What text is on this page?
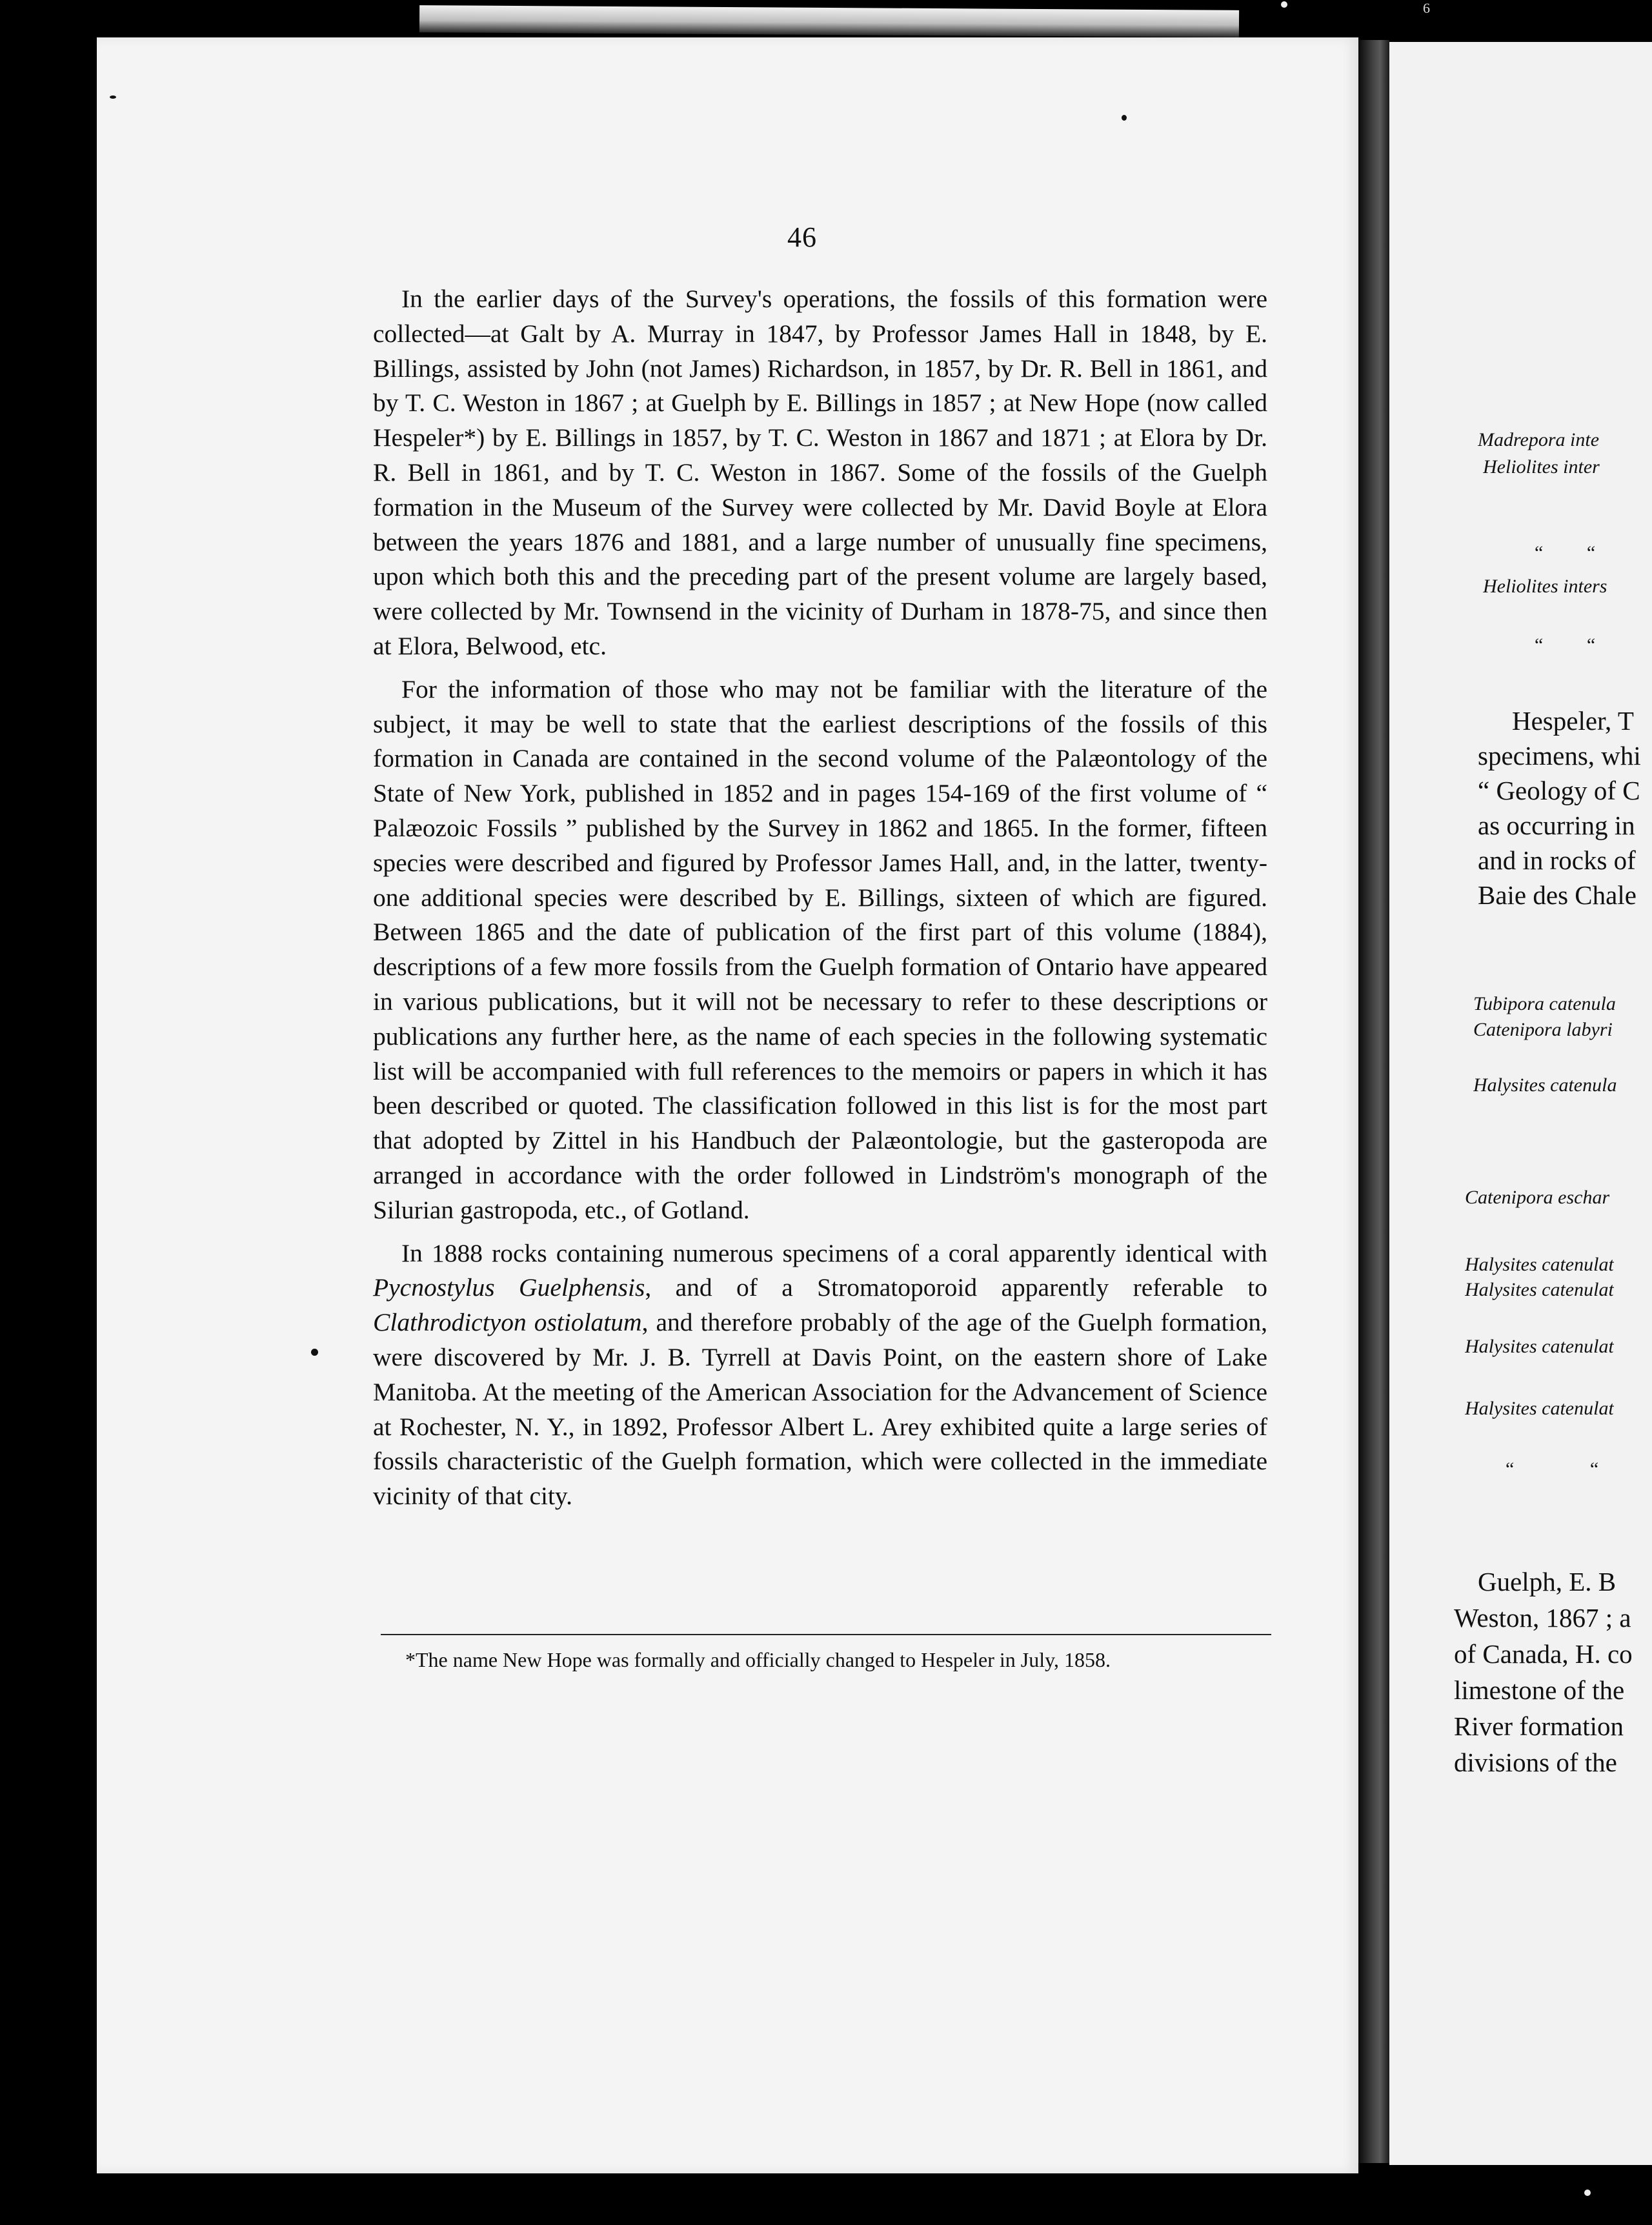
Madrepora inte
Heliolites inter
“ “
Heliolites inters
“ “
Hespeler, T
specimens, whi
“ Geology of C
as occurring in
and in rocks of
Baie des Chale
Tubipora catenula
Catenipora labyri
Halysites catenula
Catenipora eschar
Halysites catenulat
Halysites catenulat
Halysites catenulat
Halysites catenulat
“ “
Guelph, E. B
Weston, 1867 ; a
of Canada, H. co
limestone of the
River formation
divisions of the
46

In the earlier days of the Survey's operations, the fossils of this formation were collected—at Galt by A. Murray in 1847, by Professor James Hall in 1848, by E. Billings, assisted by John (not James) Richardson, in 1857, by Dr. R. Bell in 1861, and by T. C. Weston in 1867 ; at Guelph by E. Billings in 1857 ; at New Hope (now called Hespeler*) by E. Billings in 1857, by T. C. Weston in 1867 and 1871 ; at Elora by Dr. R. Bell in 1861, and by T. C. Weston in 1867. Some of the fossils of the Guelph formation in the Museum of the Survey were collected by Mr. David Boyle at Elora between the years 1876 and 1881, and a large number of unusually fine specimens, upon which both this and the preceding part of the present volume are largely based, were collected by Mr. Townsend in the vicinity of Durham in 1878-75, and since then at Elora, Belwood, etc.

For the information of those who may not be familiar with the literature of the subject, it may be well to state that the earliest descriptions of the fossils of this formation in Canada are contained in the second volume of the Palæontology of the State of New York, published in 1852 and in pages 154-169 of the first volume of “ Palæozoic Fossils ” published by the Survey in 1862 and 1865. In the former, fifteen species were described and figured by Professor James Hall, and, in the latter, twenty-one additional species were described by E. Billings, sixteen of which are figured. Between 1865 and the date of publication of the first part of this volume (1884), descriptions of a few more fossils from the Guelph formation of Ontario have appeared in various publications, but it will not be necessary to refer to these descriptions or publications any further here, as the name of each species in the following systematic list will be accompanied with full references to the memoirs or papers in which it has been described or quoted. The classification followed in this list is for the most part that adopted by Zittel in his Handbuch der Palæontologie, but the gasteropoda are arranged in accordance with the order followed in Lindström's monograph of the Silurian gastropoda, etc., of Gotland.

In 1888 rocks containing numerous specimens of a coral apparently identical with Pycnostylus Guelphensis, and of a Stromatoporoid apparently referable to Clathrodictyon ostiolatum, and therefore probably of the age of the Guelph formation, were discovered by Mr. J. B. Tyrrell at Davis Point, on the eastern shore of Lake Manitoba. At the meeting of the American Association for the Advancement of Science at Rochester, N. Y., in 1892, Professor Albert L. Arey exhibited quite a large series of fossils characteristic of the Guelph formation, which were collected in the immediate vicinity of that city.

*The name New Hope was formally and officially changed to Hespeler in July, 1858.
6
